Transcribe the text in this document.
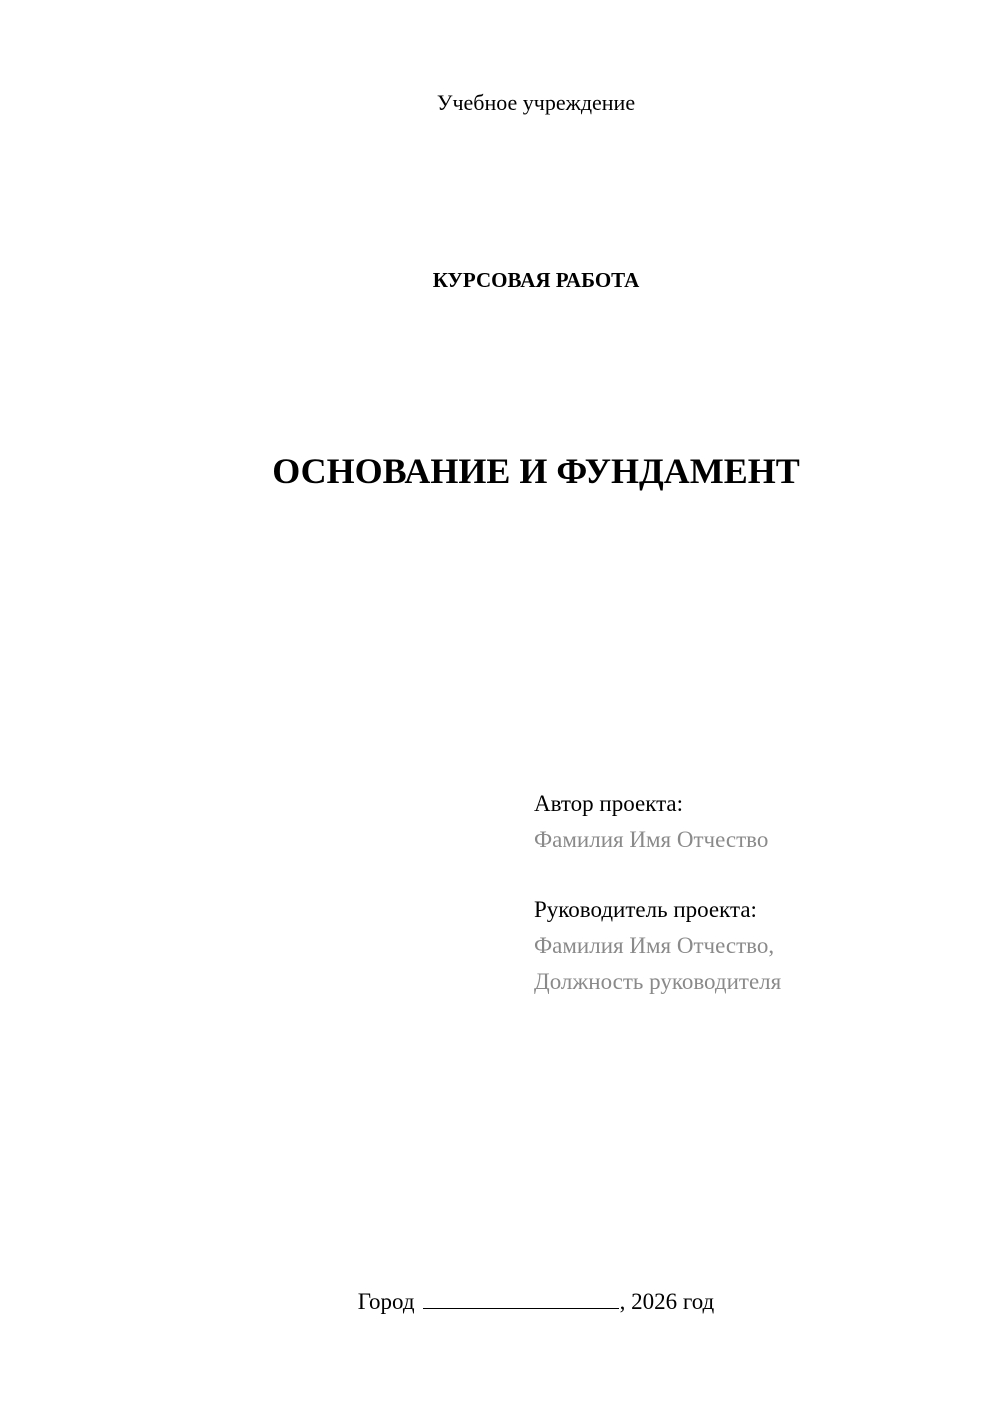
Учебное учреждение
КУРСОВАЯ РАБОТА
ОСНОВАНИЕ И ФУНДАМЕНТ
Автор проекта:
Фамилия Имя Отчество
Руководитель проекта:
Фамилия Имя Отчество,
Должность руководителя
Город	, 2026 год
